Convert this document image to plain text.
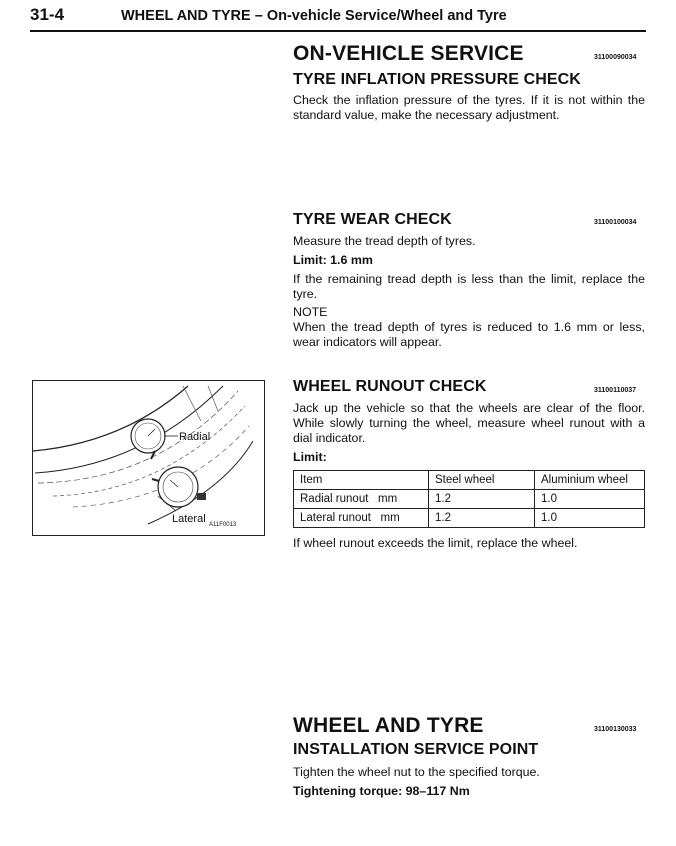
31-4	WHEEL AND TYRE – On-vehicle Service/Wheel and Tyre
ON-VEHICLE SERVICE	31100090034
TYRE INFLATION PRESSURE CHECK
Check the inflation pressure of the tyres. If it is not within the standard value, make the necessary adjustment.
TYRE WEAR CHECK	31100100034
Measure the tread depth of tyres.
Limit: 1.6 mm
If the remaining tread depth is less than the limit, replace the tyre.
NOTE
When the tread depth of tyres is reduced to 1.6 mm or less, wear indicators will appear.
WHEEL RUNOUT CHECK	31100110037
Jack up the vehicle so that the wheels are clear of the floor. While slowly turning the wheel, measure wheel runout with a dial indicator.
Limit:
Item	Steel wheel	Aluminium wheel
Radial runout   mm	1.2	1.0
Lateral runout   mm	1.2	1.0
If wheel runout exceeds the limit, replace the wheel.
Radial
Lateral A11F0013
WHEEL AND TYRE	31100130033
INSTALLATION SERVICE POINT
Tighten the wheel nut to the specified torque.
Tightening torque: 98–117 Nm
